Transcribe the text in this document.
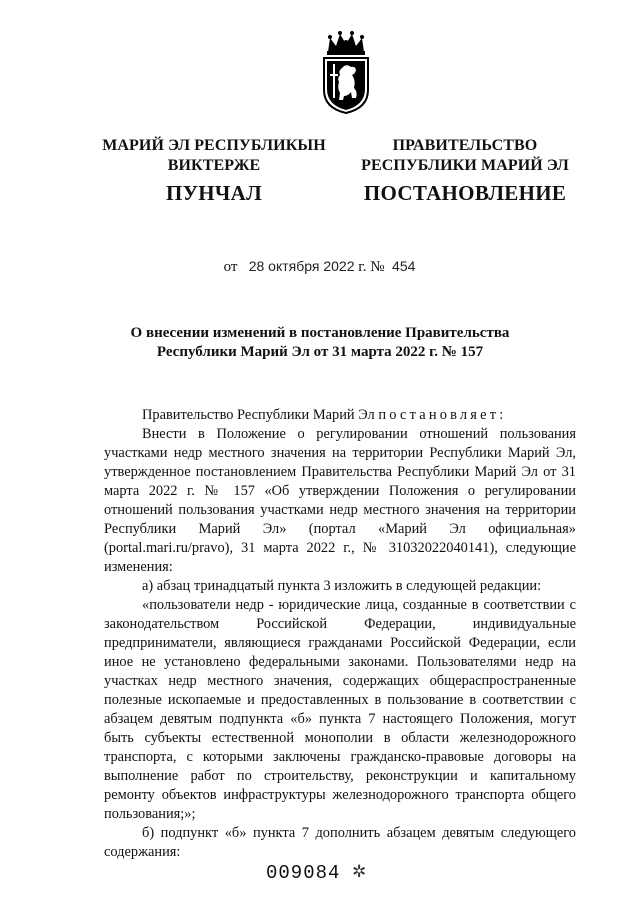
МАРИЙ ЭЛ РЕСПУБЛИКЫН
ВИКТЕРЖЕ
ПУНЧАЛ
ПРАВИТЕЛЬСТВО
РЕСПУБЛИКИ МАРИЙ ЭЛ
ПОСТАНОВЛЕНИЕ
от 28 октября 2022 г. № 454
О внесении изменений в постановление Правительства
Республики Марий Эл от 31 марта 2022 г. № 157

Правительство Республики Марий Эл постановляет:

Внести в Положение о регулировании отношений пользования участками недр местного значения на территории Республики Марий Эл, утвержденное постановлением Правительства Республики Марий Эл от 31 марта 2022 г. № 157 «Об утверждении Положения о регулировании отношений пользования участками недр местного значения на территории Республики Марий Эл» (портал «Марий Эл официальная» (portal.mari.ru/pravo), 31 марта 2022 г., № 31032022040141), следующие изменения:

а) абзац тринадцатый пункта 3 изложить в следующей редакции:

«пользователи недр - юридические лица, созданные в соответствии с законодательством Российской Федерации, индивидуальные предприниматели, являющиеся гражданами Российской Федерации, если иное не установлено федеральными законами. Пользователями недр на участках недр местного значения, содержащих общераспространенные полезные ископаемые и предоставленных в пользование в соответствии с абзацем девятым подпункта «б» пункта 7 настоящего Положения, могут быть субъекты естественной монополии в области железнодорожного транспорта, с которыми заключены гражданско-правовые договоры на выполнение работ по строительству, реконструкции и капитальному ремонту объектов инфраструктуры железнодорожного транспорта общего пользования;»;

б) подпункт «б» пункта 7 дополнить абзацем девятым следующего содержания:

009084 ✲
